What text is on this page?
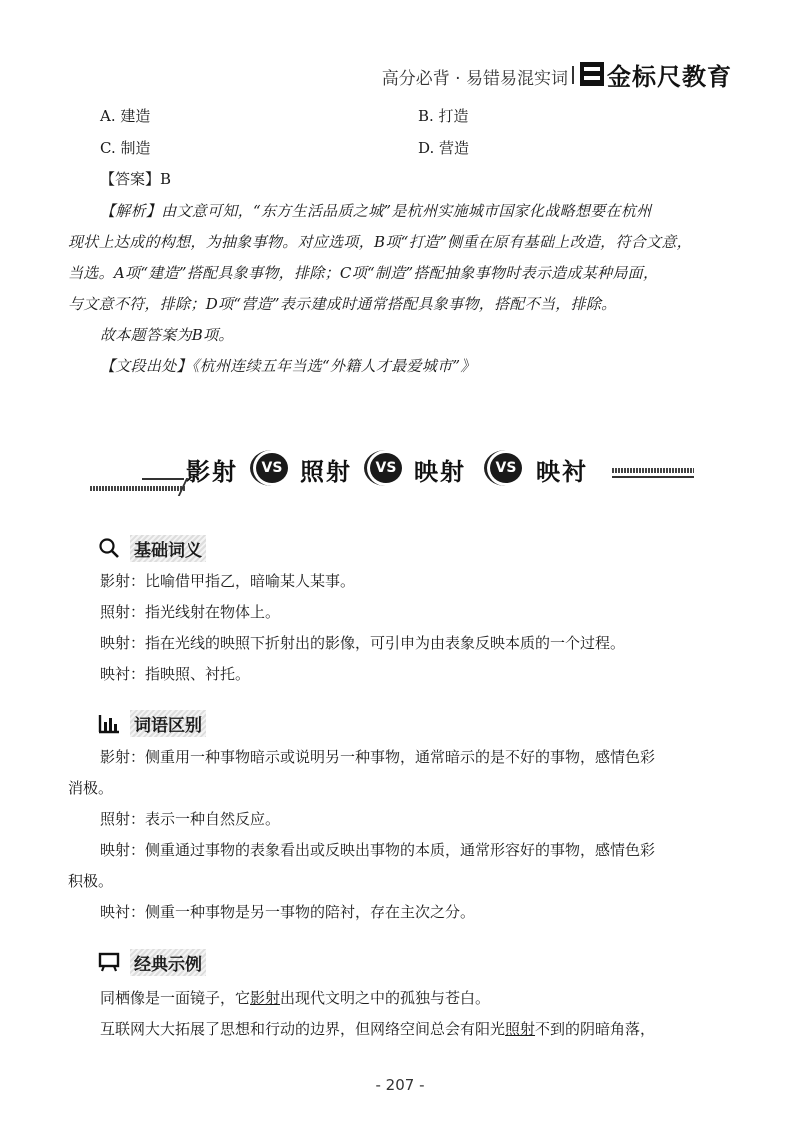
高分必背 · 易错易混实词 金标尺教育
A. 建造	B. 打造
C. 制造	D. 营造
【答案】B
【解析】由文意可知，“东方生活品质之城”是杭州实施城市国家化战略想要在杭州
现状上达成的构想，为抽象事物。对应选项，B项“打造”侧重在原有基础上改造，符合文意，
当选。A项“建造”搭配具象事物，排除；C项“制造”搭配抽象事物时表示造成某种局面，
与文意不符，排除；D项“营造”表示建成时通常搭配具象事物，搭配不当，排除。
故本题答案为B项。
【文段出处】《杭州连续五年当选“外籍人才最爱城市”》
影射	VS 照射	VS 映射	VS 映衬
基础词义
影射：比喻借甲指乙，暗喻某人某事。
照射：指光线射在物体上。
映射：指在光线的映照下折射出的影像，可引申为由表象反映本质的一个过程。
映衬：指映照、衬托。
词语区别
影射：侧重用一种事物暗示或说明另一种事物，通常暗示的是不好的事物，感情色彩
消极。
照射：表示一种自然反应。
映射：侧重通过事物的表象看出或反映出事物的本质，通常形容好的事物，感情色彩
积极。
映衬：侧重一种事物是另一事物的陪衬，存在主次之分。
经典示例
同栖像是一面镜子，它影射出现代文明之中的孤独与苍白。
互联网大大拓展了思想和行动的边界，但网络空间总会有阳光照射不到的阴暗角落，
- 207 -
